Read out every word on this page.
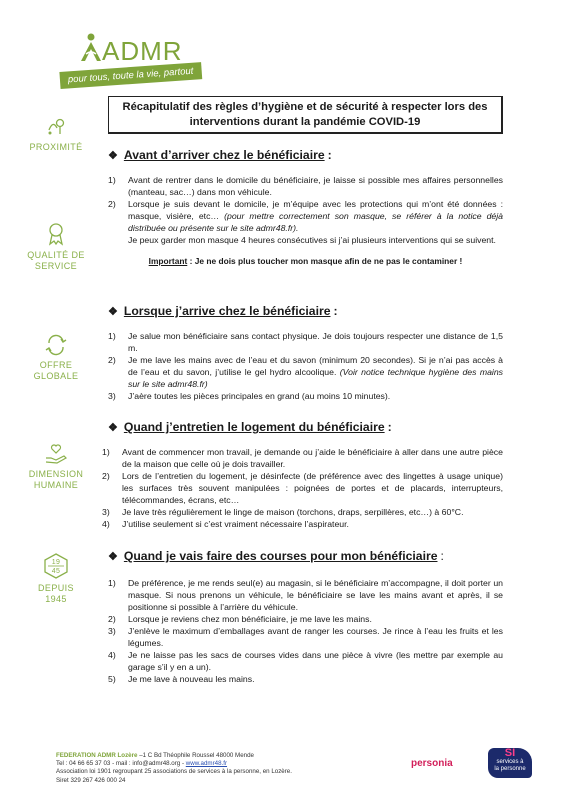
ADMR
pour tous, toute la vie, partout

Récapitulatif des règles d’hygiène et de sécurité à respecter lors des

interventions durant la pandémie COVID-19

PROXIMITÉ
QUALITÉ DE
SERVICE
OFFRE
GLOBALE
DIMENSION
HUMAINE
19
45
DEPUIS
1945
❖ Avant d’arriver chez le bénéficiaire :
1) Avant de rentrer dans le domicile du bénéficiaire, je laisse si possible mes affaires personnelles (manteau, sac…) dans mon véhicule.
2) Lorsque je suis devant le domicile, je m’équipe avec les protections qui m’ont été données : masque, visière, etc… (pour mettre correctement son masque, se référer à la notice déjà distribuée ou présente sur le site admr48.fr).

Je peux garder mon masque 4 heures consécutives si j’ai plusieurs interventions qui se suivent.

Important : Je ne dois plus toucher mon masque afin de ne pas le contaminer !

❖ Lorsque j’arrive chez le bénéficiaire :
1) Je salue mon bénéficiaire sans contact physique. Je dois toujours respecter une distance de 1,5 m.
2) Je me lave les mains avec de l’eau et du savon (minimum 20 secondes). Si je n’ai pas accès à de l’eau et du savon, j’utilise le gel hydro alcoolique. (Voir notice technique hygiène des mains sur le site admr48.fr)
3) J’aère toutes les pièces principales en grand (au moins 10 minutes).
❖ Quand j’entretien le logement du bénéficiaire :
1) Avant de commencer mon travail, je demande ou j’aide le bénéficiaire à aller dans une autre pièce de la maison que celle où je dois travailler.
2) Lors de l’entretien du logement, je désinfecte (de préférence avec des lingettes à usage unique) les surfaces très souvent manipulées : poignées de portes et de placards, interrupteurs, télécommandes, écrans, etc…
3) Je lave très régulièrement le linge de maison (torchons, draps, serpillères, etc…) à 60°C.
4) J’utilise seulement si c’est vraiment nécessaire l’aspirateur.
❖ Quand je vais faire des courses pour mon bénéficiaire :
1) De préférence, je me rends seul(e) au magasin, si le bénéficiaire m’accompagne, il doit porter un masque. Si nous prenons un véhicule, le bénéficiaire se lave les mains avant et après, il se positionne si possible à l’arrière du véhicule.
2) Lorsque je reviens chez mon bénéficiaire, je me lave les mains.
3) J’enlève le maximum d’emballages avant de ranger les courses. Je rince à l’eau les fruits et les légumes.
4) Je ne laisse pas les sacs de courses vides dans une pièce à vivre (les mettre par exemple au garage s’il y en a un).
5) Je me lave à nouveau les mains.
FEDERATION ADMR Lozère –1 C Bd Théophile Roussel 48000 Mende
Tel : 04 66 65 37 03 - mail : info@admr48.org - www.admr48.fr
Association loi 1901 regroupant 25 associations de services à la personne, en Lozère.
Siret 329 267 426 000 24
personia
SI
services à
la personne
